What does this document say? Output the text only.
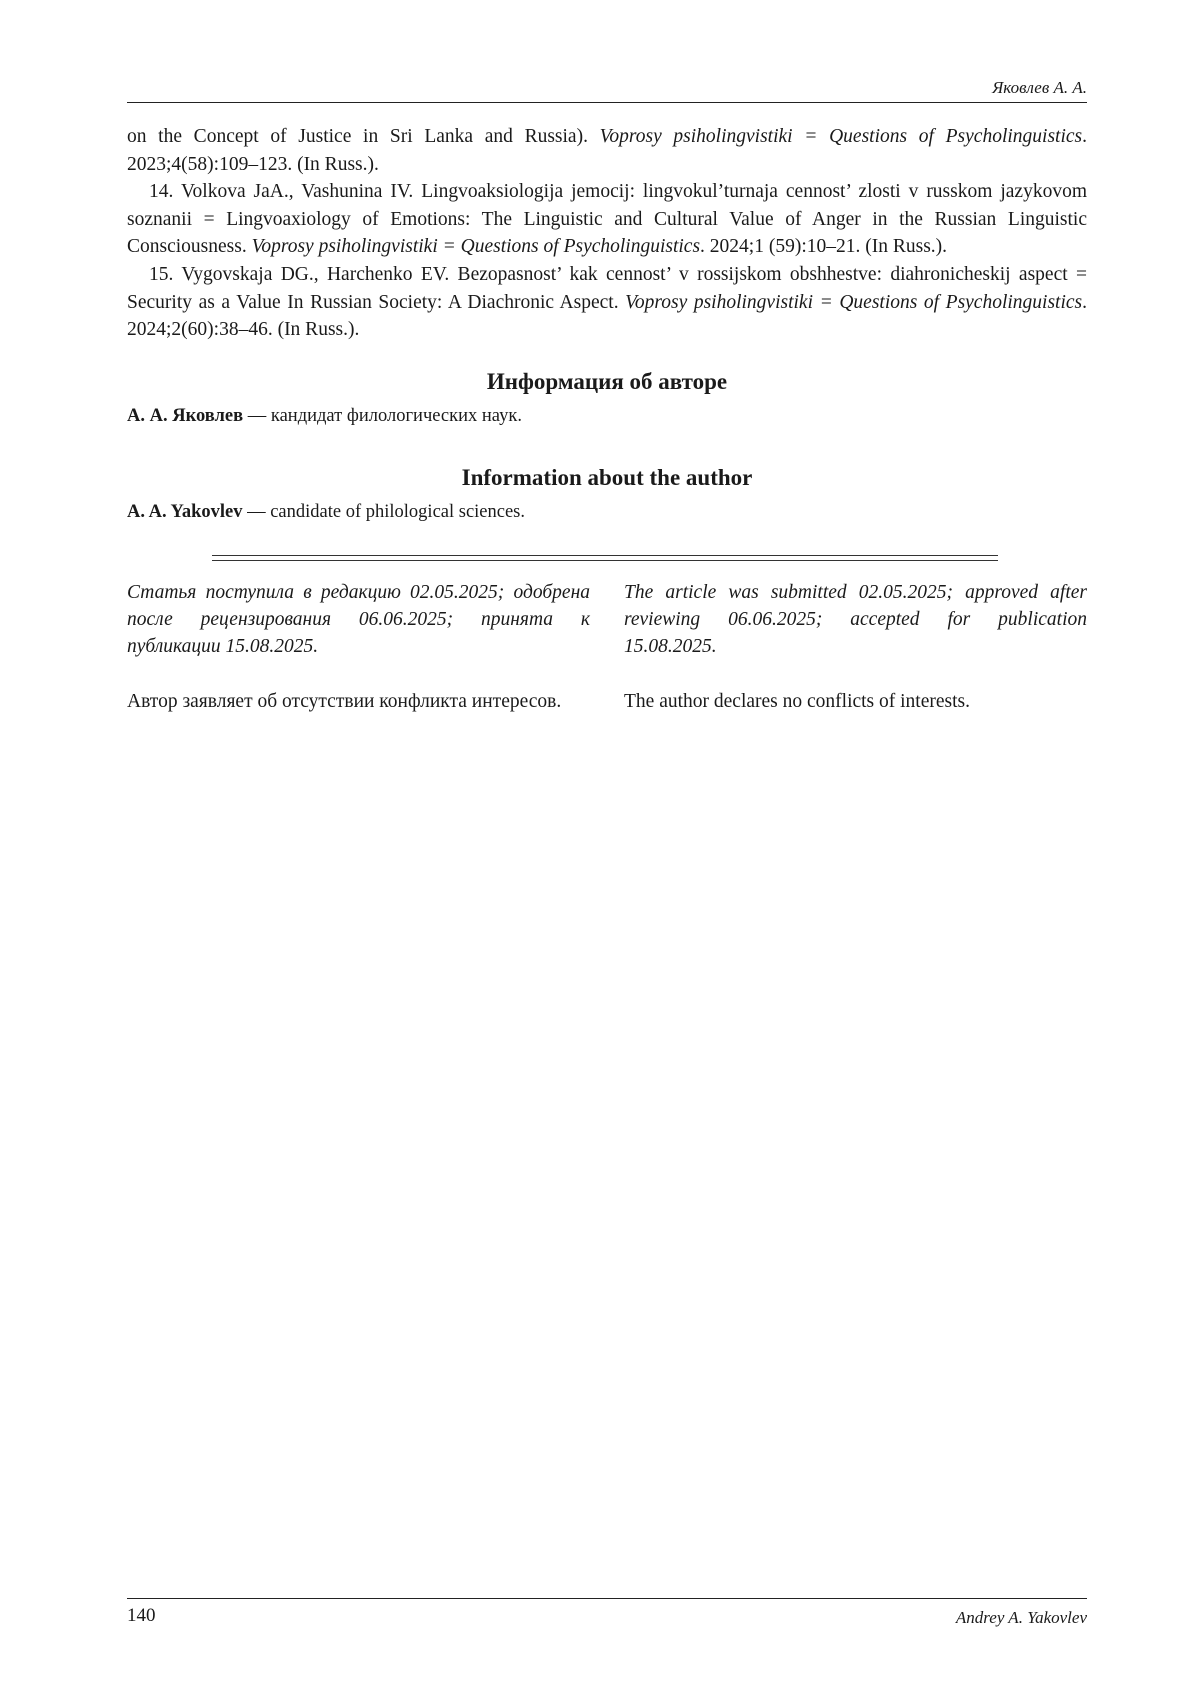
Яковлев А. А.

on the Concept of Justice in Sri Lanka and Russia). Voprosy psiholingvistiki = Questions of Psycholinguistics. 2023;4(58):109–123. (In Russ.).

14. Volkova JaA., Vashunina IV. Lingvoaksiologija jemocij: lingvokul’turnaja cennost’ zlosti v russkom jazykovom soznanii = Lingvoaxiology of Emotions: The Linguistic and Cultural Value of Anger in the Russian Linguistic Consciousness. Voprosy psiholingvistiki = Questions of Psycholinguistics. 2024;1 (59):10–21. (In Russ.).

15. Vygovskaja DG., Harchenko EV. Bezopasnost’ kak cennost’ v rossijskom obshhestve: diahronicheskij aspect = Security as a Value In Russian Society: A Diachronic Aspect. Voprosy psiholingvistiki = Questions of Psycholinguistics. 2024;2(60):38–46. (In Russ.).

Информация об авторе
А. А. Яковлев — кандидат филологических наук.
Information about the author
A. A. Yakovlev — candidate of philological sciences.
Статья поступила в редакцию 02.05.2025; одобрена после рецензирования 06.06.2025; принята к публикации 15.08.2025.
The article was submitted 02.05.2025; approved after reviewing 06.06.2025; accepted for publication 15.08.2025.
Автор заявляет об отсутствии конфликта интересов.	The author declares no conflicts of interests.
140	Andrey A. Yakovlev
